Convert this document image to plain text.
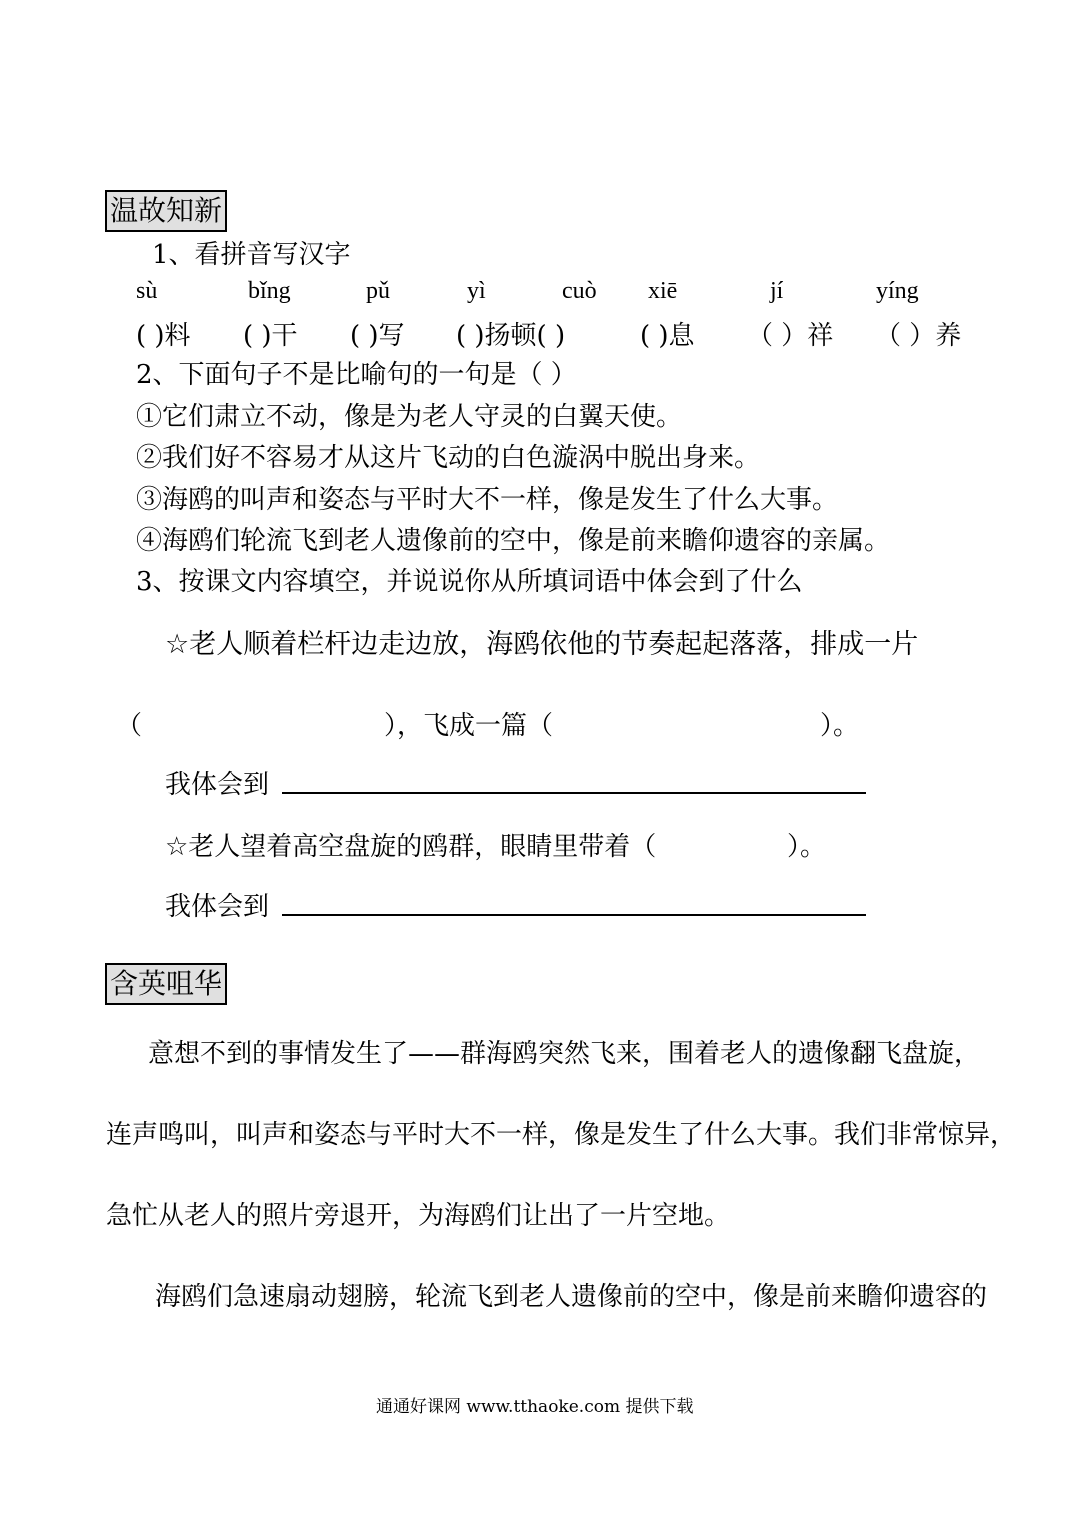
温故知新
1、看拼音写汉字
sù	bǐng	pǔ	yì	cuò xiē	jí	yíng
( )料 ( )干 ( )写 ( )扬顿( )	( )息 （ ）祥 （ ）养
2、下面句子不是比喻句的一句是（ ）
①它们肃立不动，像是为老人守灵的白翼天使。
②我们好不容易才从这片飞动的白色漩涡中脱出身来。
③海鸥的叫声和姿态与平时大不一样，像是发生了什么大事。
④海鸥们轮流飞到老人遗像前的空中，像是前来瞻仰遗容的亲属。
3、按课文内容填空，并说说你从所填词语中体会到了什么
☆老人顺着栏杆边走边放，海鸥依他的节奏起起落落，排成一片
（	），飞成一篇（	）。
我体会到
☆老人望着高空盘旋的鸥群，眼睛里带着（	）。
我体会到
含英咀华
意想不到的事情发生了——群海鸥突然飞来，围着老人的遗像翻飞盘旋，
连声鸣叫，叫声和姿态与平时大不一样，像是发生了什么大事。我们非常惊异，
急忙从老人的照片旁退开，为海鸥们让出了一片空地。
海鸥们急速扇动翅膀，轮流飞到老人遗像前的空中，像是前来瞻仰遗容的
通通好课网 www.tthaoke.com 提供下载
